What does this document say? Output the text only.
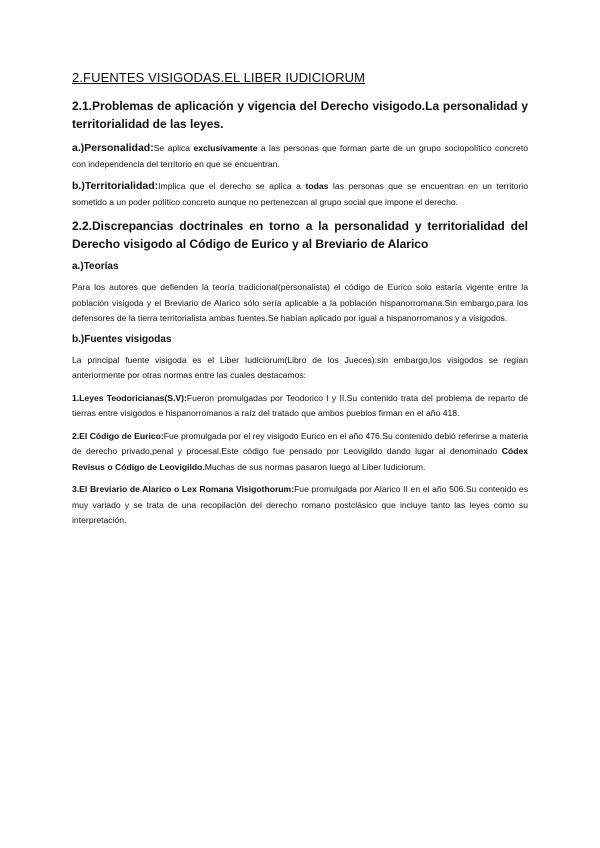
2.FUENTES VISIGODAS.EL LIBER IUDICIORUM
2.1.Problemas de aplicación y vigencia del Derecho visigodo.La personalidad y territorialidad de las leyes.

a.)Personalidad:Se aplica exclusivamente a las personas que forman parte de un grupo sociopolítico concreto con independencia del territorio en que se encuentran.

b.)Territorialidad:Implica que el derecho se aplica a todas las personas que se encuentran en un territorio sometido a un poder político concreto aunque no pertenezcan al grupo social que impone el derecho.

2.2.Discrepancias doctrinales en torno a la personalidad y territorialidad del Derecho visigodo al Código de Eurico y al Breviario de Alarico
a.)Teorías

Para los autores que defienden la teoría tradicional(personalista) el código de Eurico solo estaría vigente entre la población visigoda y el Breviario de Alarico sólo sería aplicable a la población hispanorromana.Sin embargo,para los defensores de la tierra territorialista ambas fuentes.Se habían aplicado por igual a hispanorromanos y a visigodos.

b.)Fuentes visigodas

La principal fuente visigoda es el Liber Iudiciorum(Libro de los Jueces):sin embargo,los visigodos se regían anteriormente por otras normas entre las cuales destacamos:

1.Leyes Teodoricianas(S.V):Fueron promulgadas por Teodorico I y II.Su contenido trata del problema de reparto de tierras entre visigodos e hispanorromanos a raíz del tratado que ambos pueblos firman en el año 418.

2.El Código de Eurico:Fue promulgada por el rey visigodo Eurico en el año 476.Su contenido debió referirse a materia de derecho privado,penal y procesal.Este código fue pensado por Leovigildo dando lugar al denominado Códex Revisus o Código de Leovigildo.Muchas de sus normas pasaron luego al Liber Iudiciorum.

3.El Breviario de Alarico o Lex Romana Visigothorum:Fue promulgada por Alarico II en el año 506.Su contenido es muy variado y se trata de una recopilación del derecho romano postclásico que incluye tanto las leyes como su interpretación.
